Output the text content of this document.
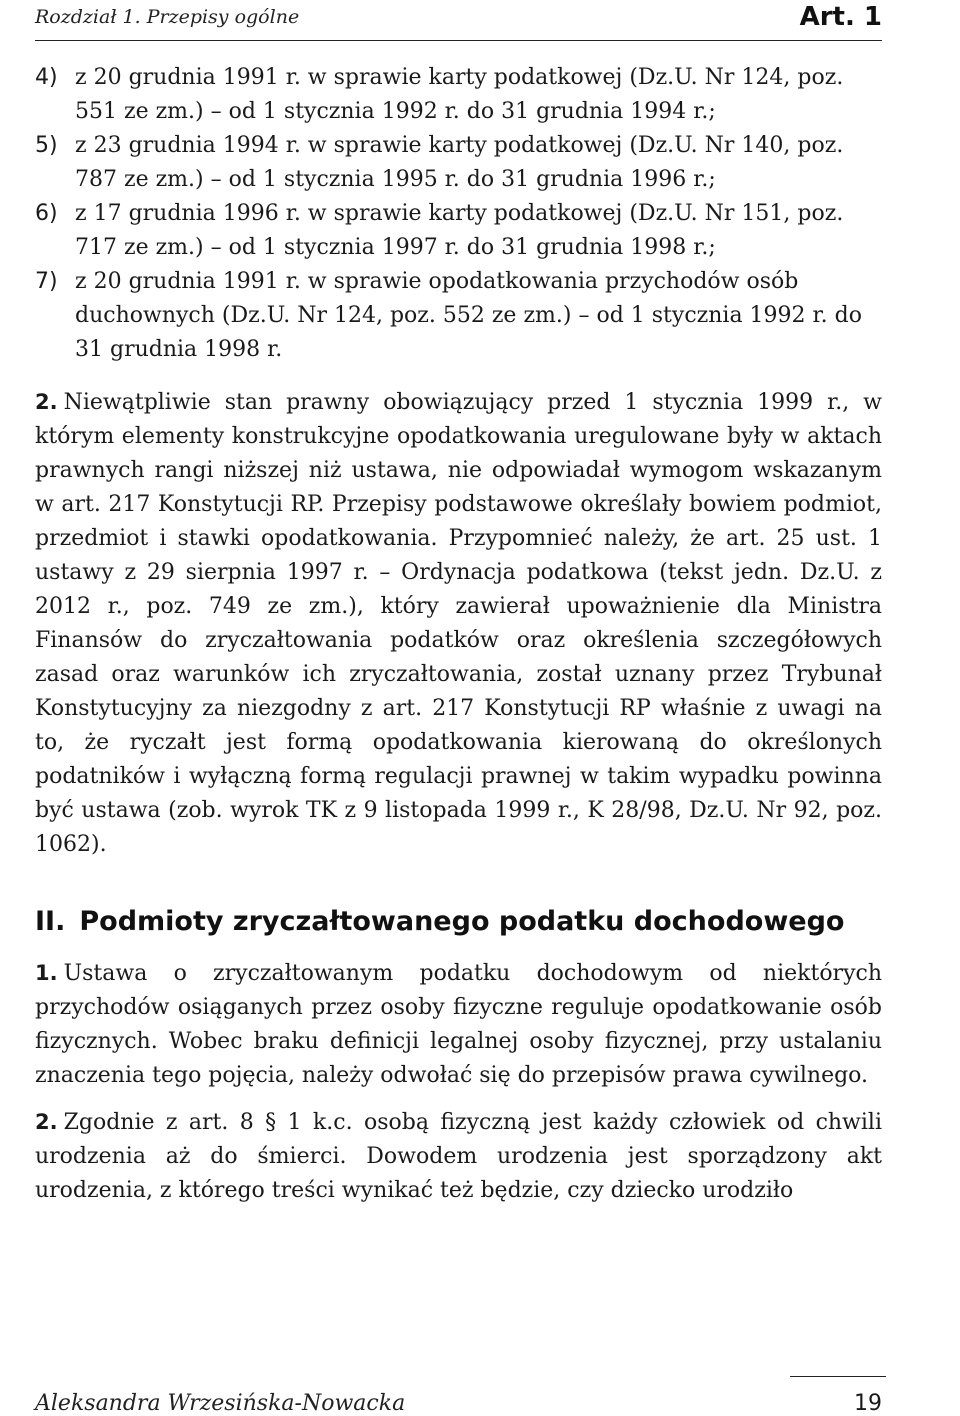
Rozdział 1. Przepisy ogólne	Art. 1
4) z 20 grudnia 1991 r. w sprawie karty podatkowej (Dz.U. Nr 124, poz. 551 ze zm.) – od 1 stycznia 1992 r. do 31 grudnia 1994 r.;
5) z 23 grudnia 1994 r. w sprawie karty podatkowej (Dz.U. Nr 140, poz. 787 ze zm.) – od 1 stycznia 1995 r. do 31 grudnia 1996 r.;
6) z 17 grudnia 1996 r. w sprawie karty podatkowej (Dz.U. Nr 151, poz. 717 ze zm.) – od 1 stycznia 1997 r. do 31 grudnia 1998 r.;
7) z 20 grudnia 1991 r. w sprawie opodatkowania przychodów osób duchownych (Dz.U. Nr 124, poz. 552 ze zm.) – od 1 stycznia 1992 r. do 31 grudnia 1998 r.

2. Niewątpliwie stan prawny obowiązujący przed 1 stycznia 1999 r., w którym elementy konstrukcyjne opodatkowania uregulowane były w aktach prawnych rangi niższej niż ustawa, nie odpowiadał wymogom wskazanym w art. 217 Konstytucji RP. Przepisy podstawowe określały bowiem podmiot, przedmiot i stawki opodatkowania. Przypomnieć należy, że art. 25 ust. 1 ustawy z 29 sierpnia 1997 r. – Ordynacja podatkowa (tekst jedn. Dz.U. z 2012 r., poz. 749 ze zm.), który zawierał upoważnienie dla Ministra Finansów do zryczałtowania podatków oraz określenia szczegółowych zasad oraz warunków ich zryczałtowania, został uznany przez Trybunał Konstytucyjny za niezgodny z art. 217 Konstytucji RP właśnie z uwagi na to, że ryczałt jest formą opodatkowania kierowaną do określonych podatników i wyłączną formą regulacji prawnej w takim wypadku powinna być ustawa (zob. wyrok TK z 9 listopada 1999 r., K 28/98, Dz.U. Nr 92, poz. 1062).

II. Podmioty zryczałtowanego podatku dochodowego

1. Ustawa o zryczałtowanym podatku dochodowym od niektórych przychodów osiąganych przez osoby fizyczne reguluje opodatkowanie osób fizycznych. Wobec braku definicji legalnej osoby fizycznej, przy ustalaniu znaczenia tego pojęcia, należy odwołać się do przepisów prawa cywilnego.

2. Zgodnie z art. 8 § 1 k.c. osobą fizyczną jest każdy człowiek od chwili urodzenia aż do śmierci. Dowodem urodzenia jest sporządzony akt urodzenia, z którego treści wynikać też będzie, czy dziecko urodziło

Aleksandra Wrzesińska-Nowacka	19
